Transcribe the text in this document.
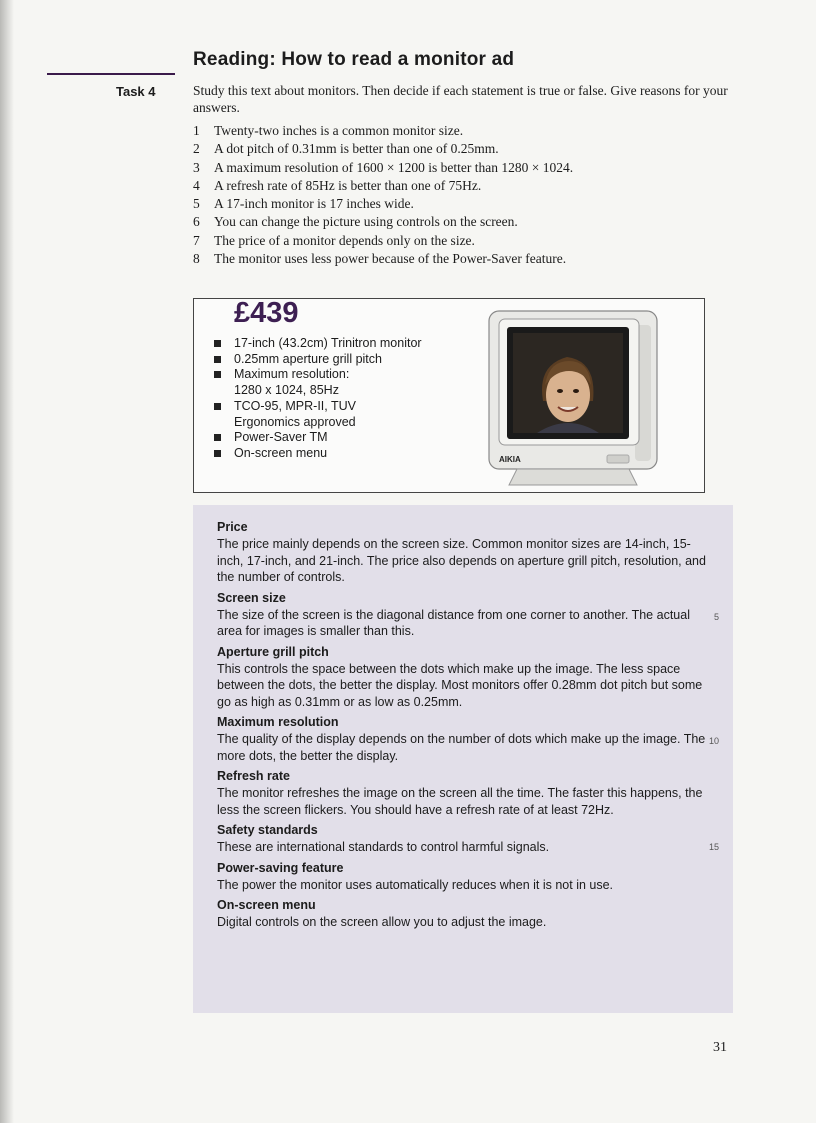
Reading: How to read a monitor ad
Task 4	Study this text about monitors. Then decide if each statement is true or false. Give reasons for your answers.

1	Twenty-two inches is a common monitor size.
2	A dot pitch of 0.31mm is better than one of 0.25mm.
3	A maximum resolution of 1600 × 1200 is better than 1280 × 1024.
4	A refresh rate of 85Hz is better than one of 75Hz.
5	A 17-inch monitor is 17 inches wide.
6	You can change the picture using controls on the screen.
7	The price of a monitor depends only on the size.
8	The monitor uses less power because of the Power-Saver feature.
£439
17-inch (43.2cm) Trinitron monitor
0.25mm aperture grill pitch
Maximum resolution:
1280 x 1024, 85Hz
TCO-95, MPR-II, TUV
Ergonomics approved
Power-Saver TM
On-screen menu	AIKIA
Price

The price mainly depends on the screen size. Common monitor sizes are 14-inch, 15-inch, 17-inch, and 21-inch. The price also depends on aperture grill pitch, resolution, and the number of controls.

Screen size

The size of the screen is the diagonal distance from one corner to another. The actual area for images is smaller than this.

5
Aperture grill pitch

This controls the space between the dots which make up the image. The less space between the dots, the better the display. Most monitors offer 0.28mm dot pitch but some go as high as 0.31mm or as low as 0.25mm.

Maximum resolution

The quality of the display depends on the number of dots which make up the image. The more dots, the better the display.

10
Refresh rate

The monitor refreshes the image on the screen all the time. The faster this happens, the less the screen flickers. You should have a refresh rate of at least 72Hz.

Safety standards

These are international standards to control harmful signals.	15
Power-saving feature

The power the monitor uses automatically reduces when it is not in use.

On-screen menu

Digital controls on the screen allow you to adjust the image.

31
